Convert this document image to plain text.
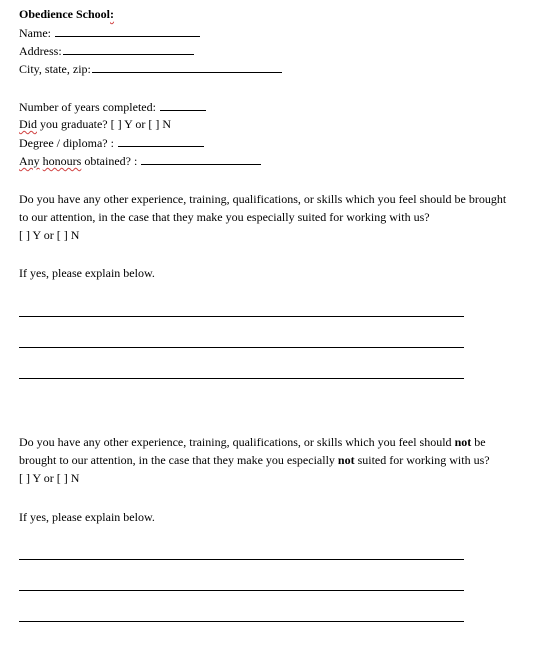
Obedience School:
Name:
Address:
City, state, zip:
Number of years completed:
Did you graduate? [ ] Y or [ ] N
Degree / diploma? :
Any honours obtained? :
Do you have any other experience, training, qualifications, or skills which you feel should be brought
to our attention, in the case that they make you especially suited for working with us?
[ ] Y or [ ] N
If yes, please explain below.
Do you have any other experience, training, qualifications, or skills which you feel should not be
brought to our attention, in the case that they make you especially not suited for working with us?
[ ] Y or [ ] N
If yes, please explain below.
